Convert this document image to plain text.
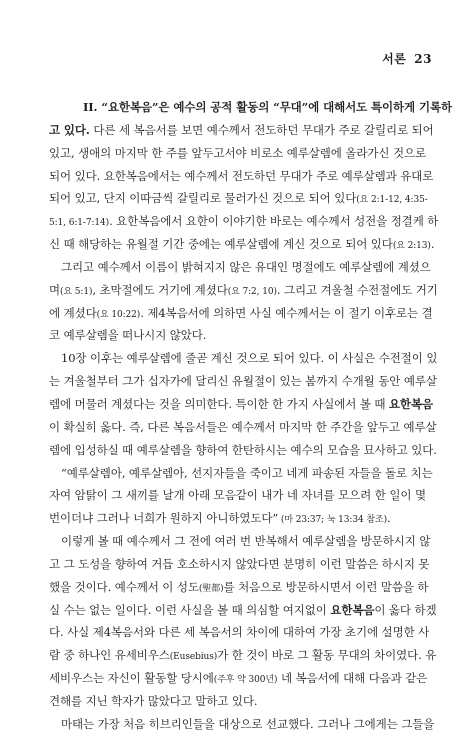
서론 23
II. “요한복음”은 예수의 공적 활동의 “무대”에 대해서도 특이하게 기록하
고 있다. 다른 세 복음서를 보면 예수께서 전도하던 무대가 주로 갈릴리로 되어
있고, 생애의 마지막 한 주를 앞두고서야 비로소 예루살렘에 올라가신 것으로
되어 있다. 요한복음에서는 예수께서 전도하던 무대가 주로 예루살렘과 유대로
되어 있고, 단지 이따금씩 갈릴리로 물러가신 것으로 되어 있다(요 2:1-12, 4:35-
5:1, 6:1-7:14). 요한복음에서 요한이 이야기한 바로는 예수께서 성전을 정결케 하
신 때 해당하는 유월절 기간 중에는 예루살렘에 계신 것으로 되어 있다(요 2:13).
그리고 예수께서 이름이 밝혀지지 않은 유대인 명절에도 예루살렘에 계셨으
며(요 5:1), 초막절에도 거기에 계셨다(요 7:2, 10). 그리고 겨울철 수전절에도 거기
에 계셨다(요 10:22). 제4복음서에 의하면 사실 예수께서는 이 절기 이후로는 결
코 예루살렘을 떠나시지 않았다.
10장 이후는 예루살렘에 줄곧 계신 것으로 되어 있다. 이 사실은 수전절이 있
는 겨울철부터 그가 십자가에 달리신 유월절이 있는 봄까지 수개월 동안 예루살
렘에 머물러 계셨다는 것을 의미한다. 특이한 한 가지 사실에서 볼 때 요한복음
이 확실히 옳다. 즉, 다른 복음서들은 예수께서 마지막 한 주간을 앞두고 예루살
렘에 입성하실 때 예루살렘을 향하여 한탄하시는 예수의 모습을 묘사하고 있다.
“예루살렘아, 예루살렘아, 선지자들을 죽이고 네게 파송된 자들을 돌로 치는
자여 암탉이 그 새끼를 날개 아래 모음같이 내가 네 자녀를 모으려 한 일이 몇
번이더냐 그러나 너희가 원하지 아니하였도다” (마 23:37; 눅 13:34 참조).
이렇게 볼 때 예수께서 그 전에 여러 번 반복해서 예루살렘을 방문하시지 않
고 그 도성을 향하여 거듭 호소하시지 않았다면 분명히 이런 말씀은 하시지 못
했을 것이다. 예수께서 이 성도(聖都)를 처음으로 방문하시면서 이런 말씀을 하
실 수는 없는 일이다. 이런 사실을 볼 때 의심할 여지없이 요한복음이 옳다 하겠
다. 사실 제4복음서와 다른 세 복음서의 차이에 대하여 가장 초기에 설명한 사
람 중 하나인 유세비우스(Eusebius)가 한 것이 바로 그 활동 무대의 차이였다. 유
세비우스는 자신이 활동할 당시에(주후 약 300년) 네 복음서에 대해 다음과 같은
견해를 지닌 학자가 많았다고 말하고 있다.
마태는 가장 처음 히브리인들을 대상으로 선교했다. 그러나 그에게는 그들을
